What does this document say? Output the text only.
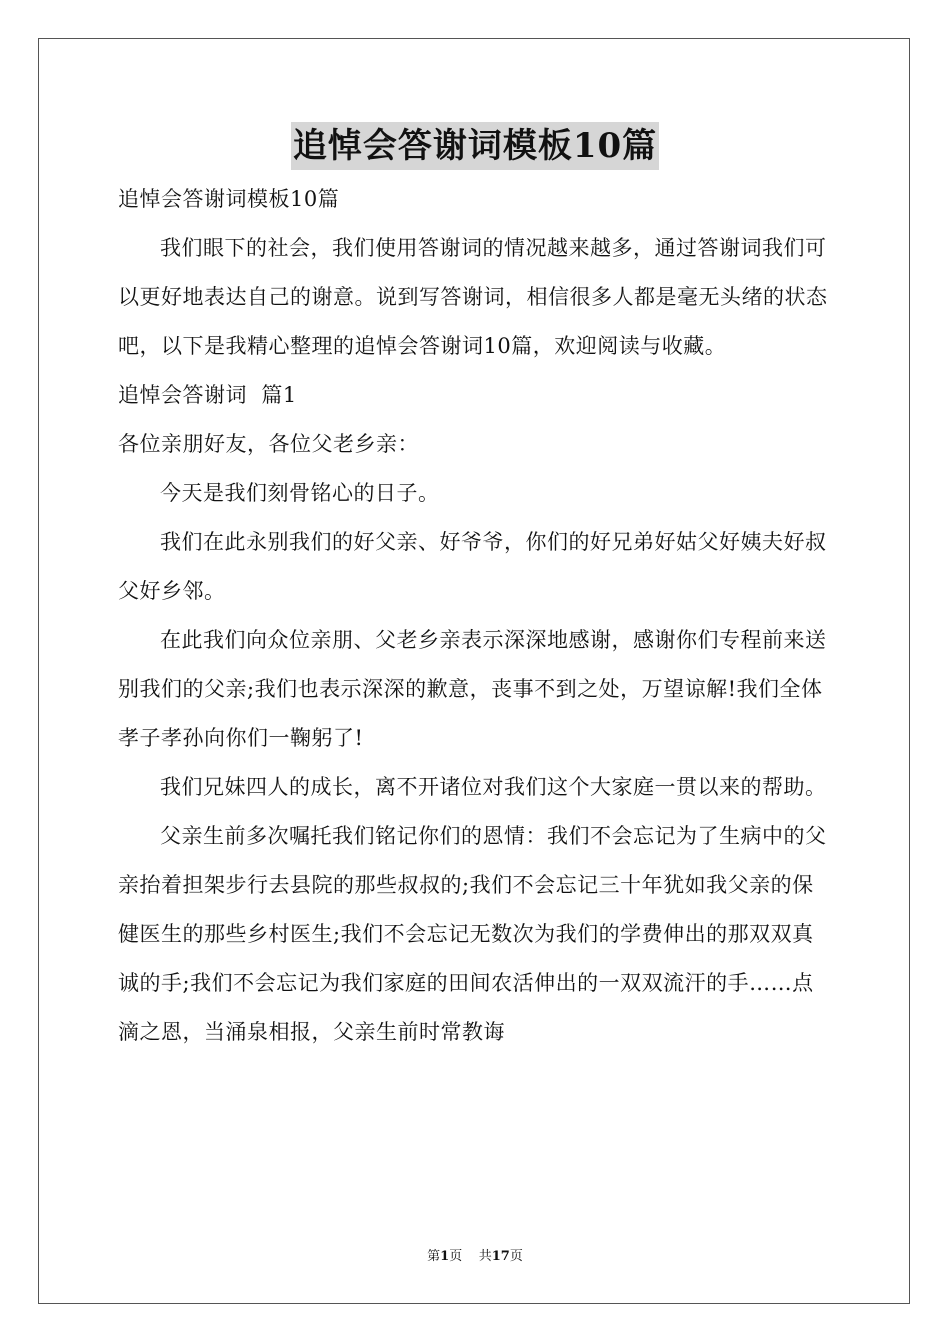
追悼会答谢词模板10篇

追悼会答谢词模板10篇

我们眼下的社会，我们使用答谢词的情况越来越多，通过答谢词我们可以更好地表达自己的谢意。说到写答谢词，相信很多人都是毫无头绪的状态吧，以下是我精心整理的追悼会答谢词10篇，欢迎阅读与收藏。

追悼会答谢词  篇1

各位亲朋好友，各位父老乡亲：

今天是我们刻骨铭心的日子。

我们在此永别我们的好父亲、好爷爷，你们的好兄弟好姑父好姨夫好叔父好乡邻。

在此我们向众位亲朋、父老乡亲表示深深地感谢，感谢你们专程前来送别我们的父亲;我们也表示深深的歉意，丧事不到之处，万望谅解!我们全体孝子孝孙向你们一鞠躬了!

我们兄妹四人的成长，离不开诸位对我们这个大家庭一贯以来的帮助。

父亲生前多次嘱托我们铭记你们的恩情：我们不会忘记为了生病中的父亲抬着担架步行去县院的那些叔叔的;我们不会忘记三十年犹如我父亲的保健医生的那些乡村医生;我们不会忘记无数次为我们的学费伸出的那双双真诚的手;我们不会忘记为我们家庭的田间农活伸出的一双双流汗的手……点滴之恩，当涌泉相报，父亲生前时常教诲

第1页 共17页
